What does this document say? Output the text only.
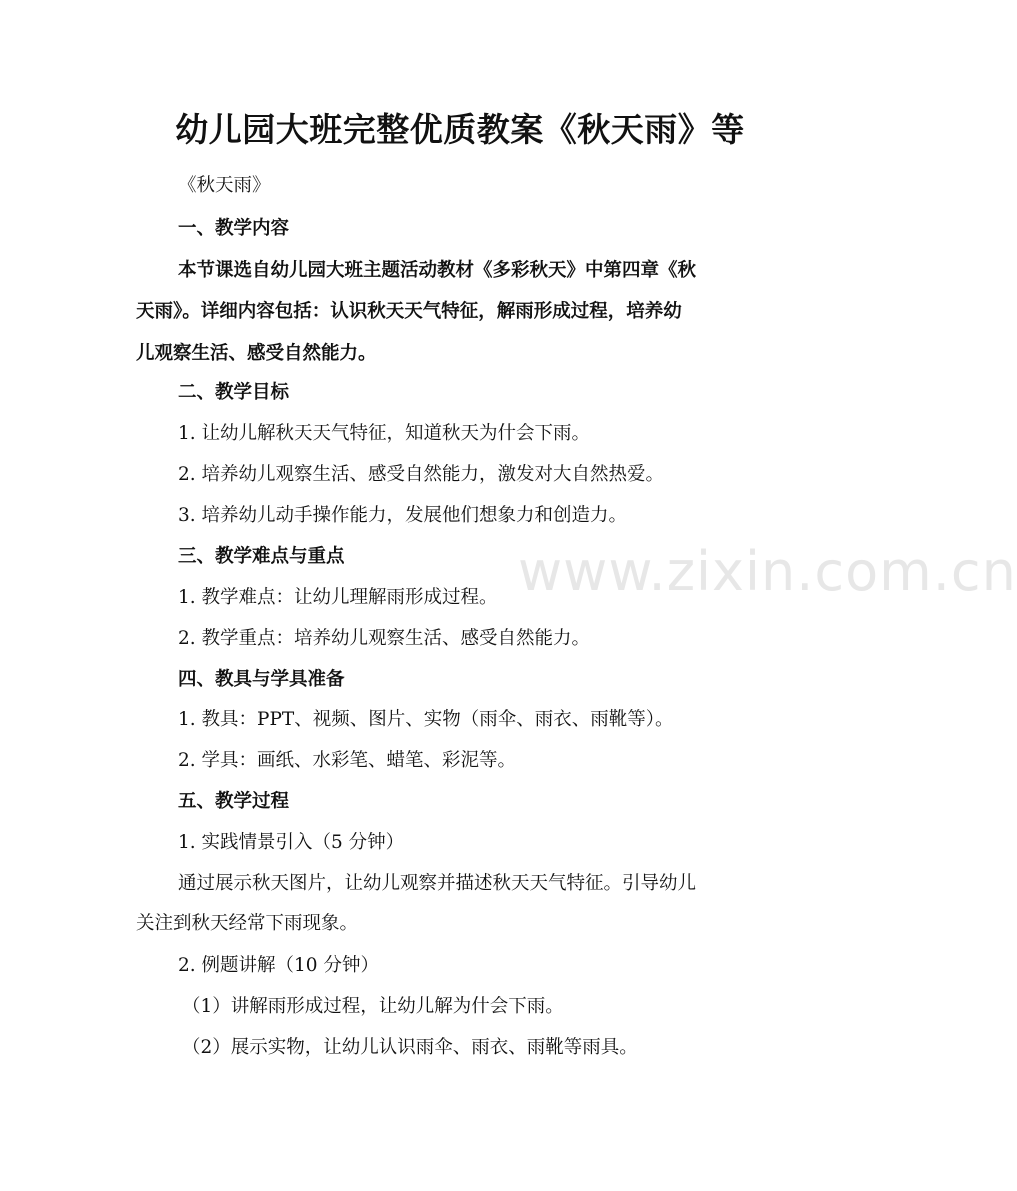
www.zixin.com.cn
幼儿园大班完整优质教案《秋天雨》等
《秋天雨》
一、教学内容
本节课选自幼儿园大班主题活动教材《多彩秋天》中第四章《秋
天雨》。详细内容包括：认识秋天天气特征，解雨形成过程，培养幼
儿观察生活、感受自然能力。
二、教学目标
1. 让幼儿解秋天天气特征，知道秋天为什会下雨。
2. 培养幼儿观察生活、感受自然能力，激发对大自然热爱。
3. 培养幼儿动手操作能力，发展他们想象力和创造力。
三、教学难点与重点
1. 教学难点：让幼儿理解雨形成过程。
2. 教学重点：培养幼儿观察生活、感受自然能力。
四、教具与学具准备
1. 教具：PPT、视频、图片、实物（雨伞、雨衣、雨靴等）。
2. 学具：画纸、水彩笔、蜡笔、彩泥等。
五、教学过程
1. 实践情景引入（5 分钟）
通过展示秋天图片，让幼儿观察并描述秋天天气特征。引导幼儿
关注到秋天经常下雨现象。
2. 例题讲解（10 分钟）
（1）讲解雨形成过程，让幼儿解为什会下雨。
（2）展示实物，让幼儿认识雨伞、雨衣、雨靴等雨具。
